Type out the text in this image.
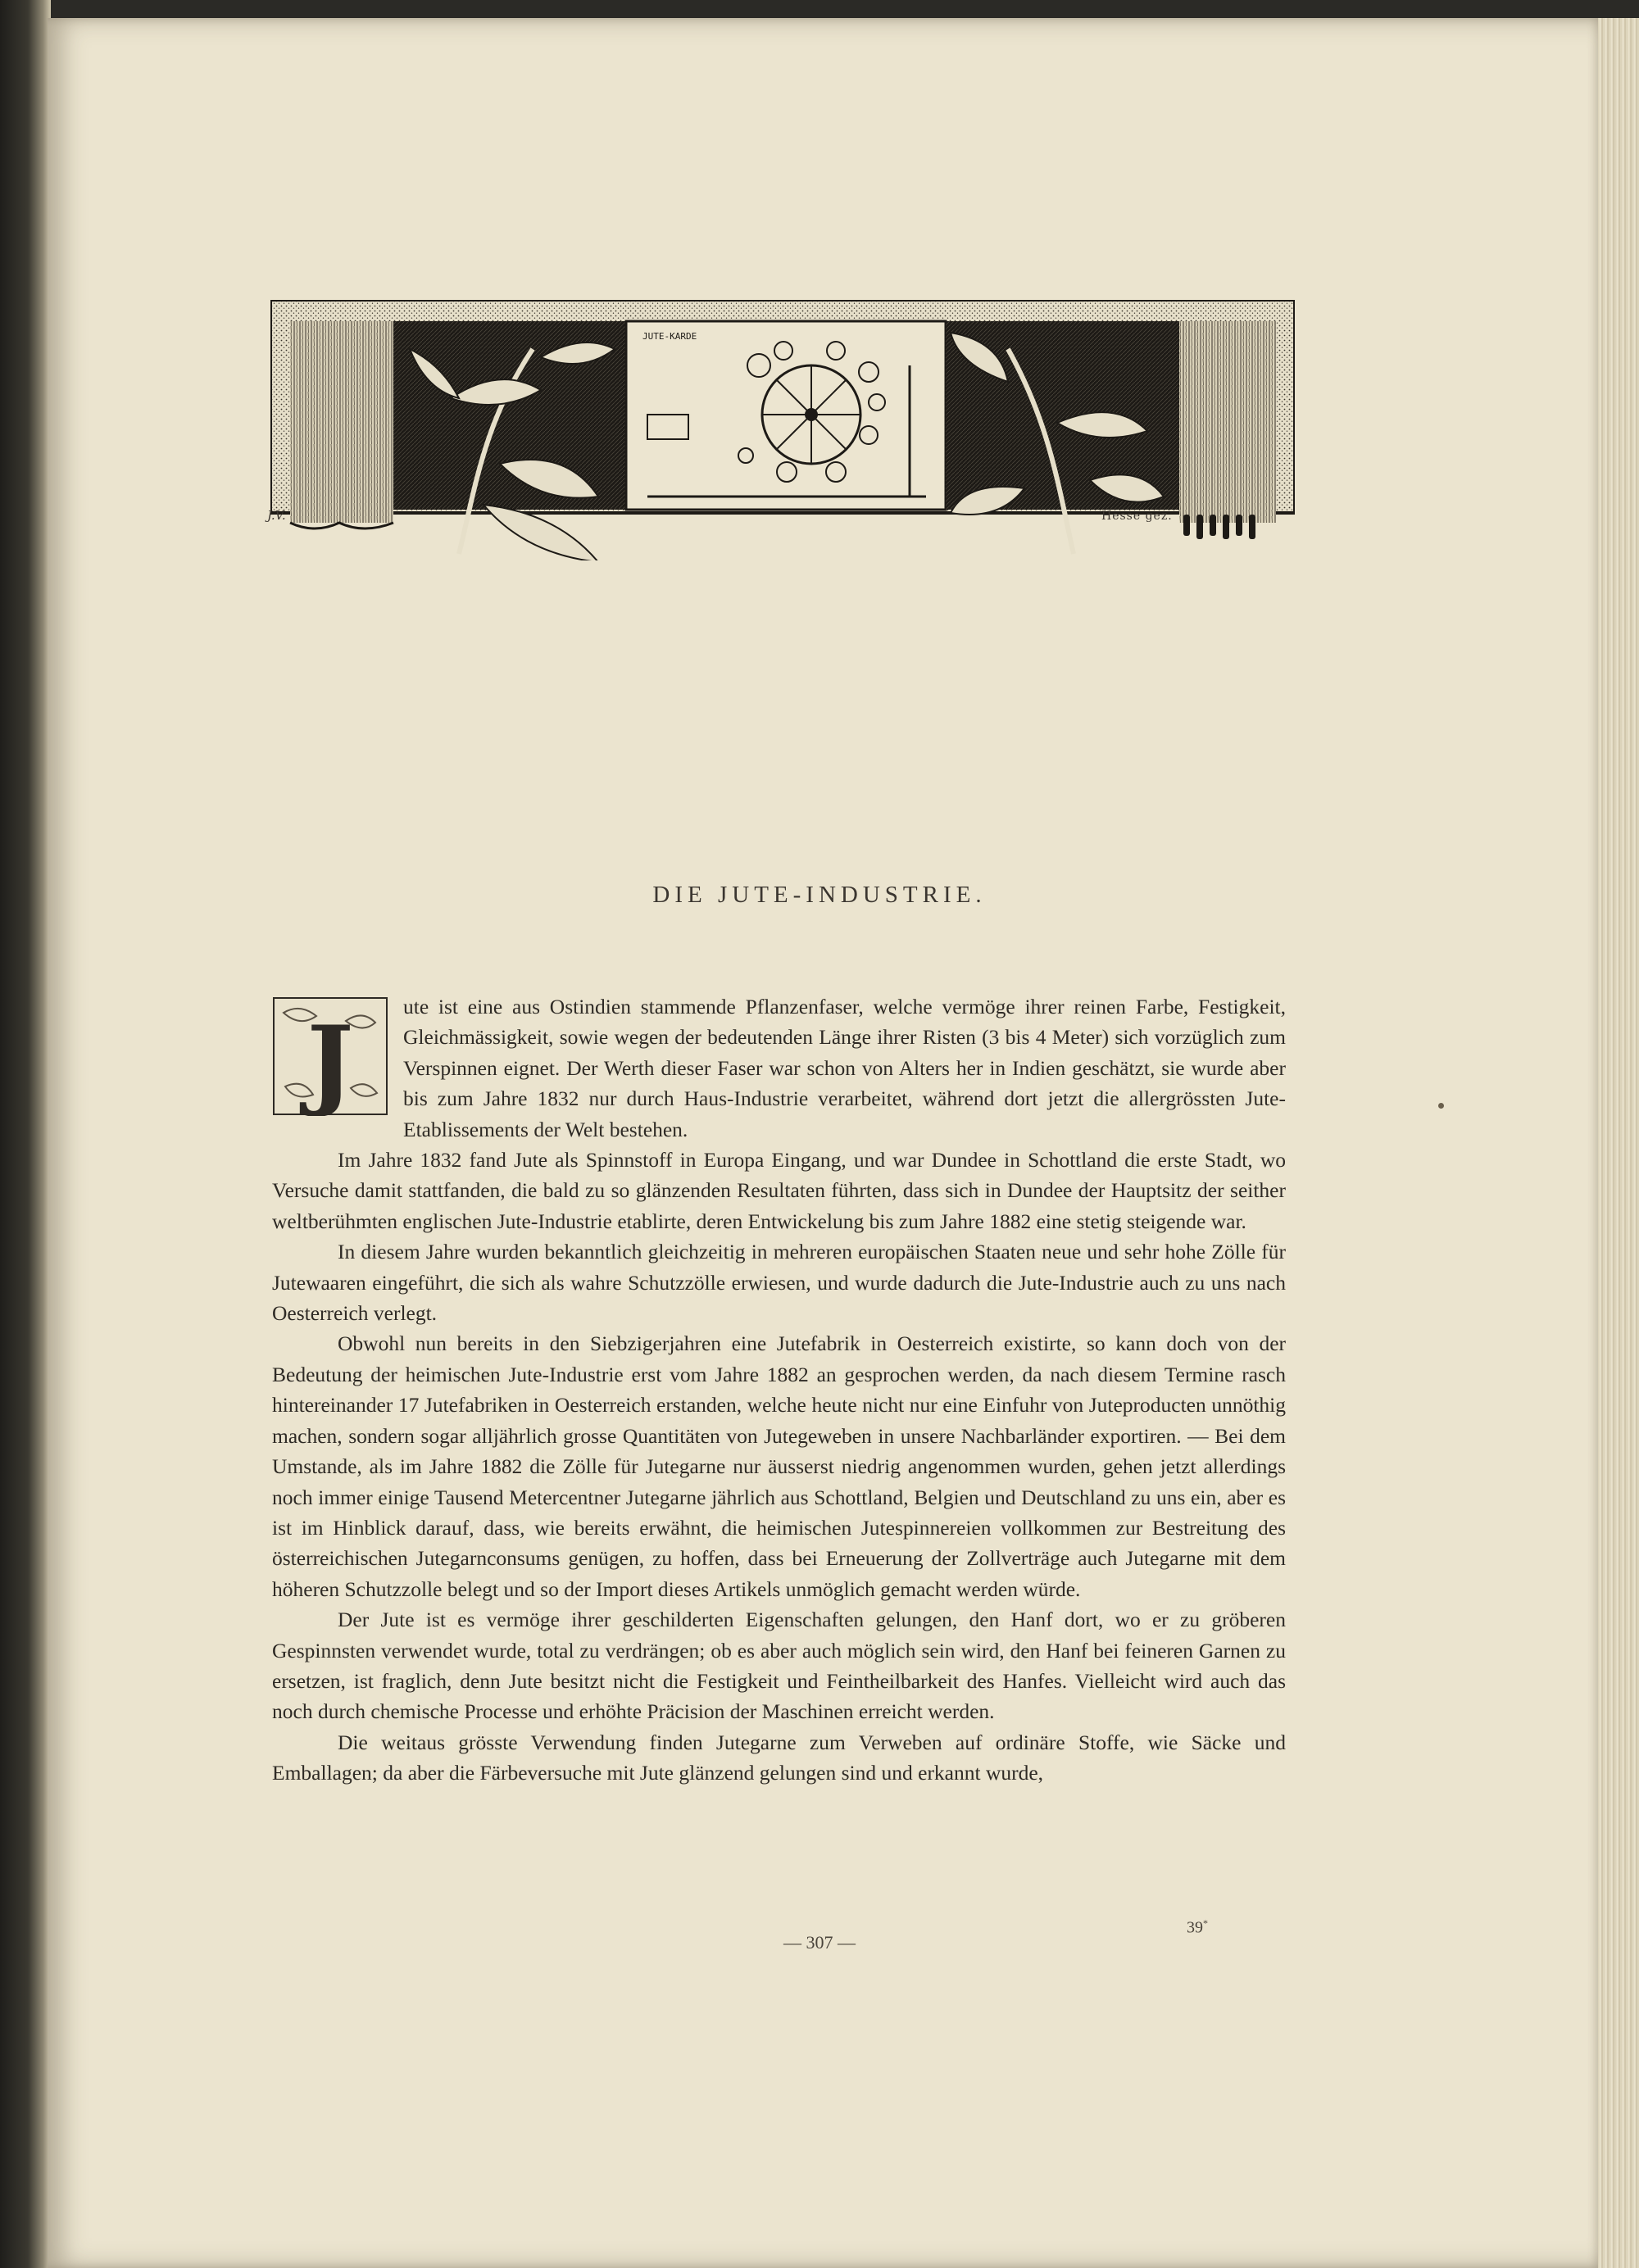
JUTE-KARDE
J.V.	Hesse gez.
DIE JUTE-INDUSTRIE.

J ute ist eine aus Ostindien stammende Pflanzenfaser, welche vermöge ihrer reinen Farbe, Festigkeit, Gleichmässigkeit, sowie wegen der bedeutenden Länge ihrer Risten (3 bis 4 Meter) sich vorzüglich zum Verspinnen eignet. Der Werth dieser Faser war schon von Alters her in Indien geschätzt, sie wurde aber bis zum Jahre 1832 nur durch Haus-Industrie verarbeitet, während dort jetzt die allergrössten Jute-Etablissements der Welt bestehen.

Im Jahre 1832 fand Jute als Spinnstoff in Europa Eingang, und war Dundee in Schottland die erste Stadt, wo Versuche damit stattfanden, die bald zu so glänzenden Resultaten führten, dass sich in Dundee der Hauptsitz der seither weltberühmten englischen Jute-Industrie etablirte, deren Entwickelung bis zum Jahre 1882 eine stetig steigende war.

In diesem Jahre wurden bekanntlich gleichzeitig in mehreren europäischen Staaten neue und sehr hohe Zölle für Jutewaaren eingeführt, die sich als wahre Schutzzölle erwiesen, und wurde dadurch die Jute-Industrie auch zu uns nach Oesterreich verlegt.

Obwohl nun bereits in den Siebzigerjahren eine Jutefabrik in Oesterreich existirte, so kann doch von der Bedeutung der heimischen Jute-Industrie erst vom Jahre 1882 an gesprochen werden, da nach diesem Termine rasch hintereinander 17 Jutefabriken in Oesterreich erstanden, welche heute nicht nur eine Einfuhr von Juteproducten unnöthig machen, sondern sogar alljährlich grosse Quantitäten von Jutegeweben in unsere Nachbarländer exportiren. — Bei dem Umstande, als im Jahre 1882 die Zölle für Jutegarne nur äusserst niedrig angenommen wurden, gehen jetzt allerdings noch immer einige Tausend Metercentner Jutegarne jährlich aus Schottland, Belgien und Deutschland zu uns ein, aber es ist im Hinblick darauf, dass, wie bereits erwähnt, die heimischen Jutespinnereien vollkommen zur Bestreitung des österreichischen Jutegarnconsums genügen, zu hoffen, dass bei Erneuerung der Zollverträge auch Jutegarne mit dem höheren Schutzzolle belegt und so der Import dieses Artikels unmöglich gemacht werden würde.

Der Jute ist es vermöge ihrer geschilderten Eigenschaften gelungen, den Hanf dort, wo er zu gröberen Gespinnsten verwendet wurde, total zu verdrängen; ob es aber auch möglich sein wird, den Hanf bei feineren Garnen zu ersetzen, ist fraglich, denn Jute besitzt nicht die Festigkeit und Feintheilbarkeit des Hanfes. Vielleicht wird auch das noch durch chemische Processe und erhöhte Präcision der Maschinen erreicht werden.

Die weitaus grösste Verwendung finden Jutegarne zum Verweben auf ordinäre Stoffe, wie Säcke und Emballagen; da aber die Färbeversuche mit Jute glänzend gelungen sind und erkannt wurde,

— 307 —
39*
